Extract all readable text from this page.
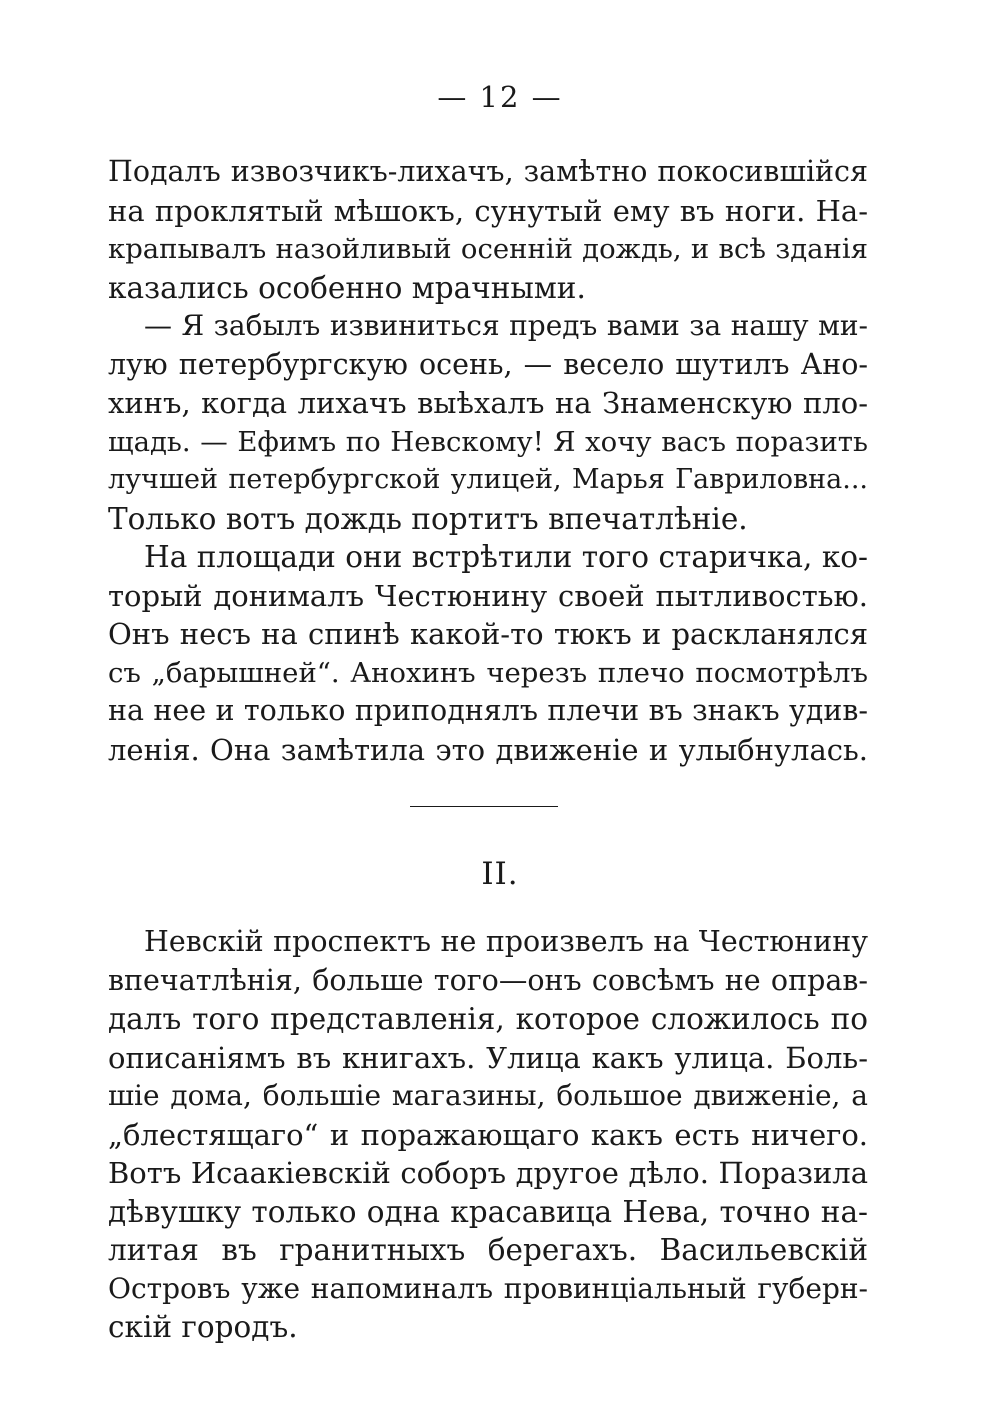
— 12 —
Подалъ извозчикъ-лихачъ, замѣтно покосившійся
на проклятый мѣшокъ, сунутый ему въ ноги. На-
крапывалъ назойливый осенній дождь, и всѣ зданія
казались особенно мрачными.
— Я забылъ извиниться предъ вами за нашу ми-
лую петербургскую осень, — весело шутилъ Ано-
хинъ, когда лихачъ выѣхалъ на Знаменскую пло-
щадь. — Ефимъ по Невскому! Я хочу васъ поразить
лучшей петербургской улицей, Марья Гавриловна...
Только вотъ дождь портитъ впечатлѣніе.
На площади они встрѣтили того старичка, ко-
торый донималъ Честюнину своей пытливостью.
Онъ несъ на спинѣ какой-то тюкъ и раскланялся
съ „барышней“. Анохинъ черезъ плечо посмотрѣлъ
на нее и только приподнялъ плечи въ знакъ удив-
ленія. Она замѣтила это движеніе и улыбнулась.
II.
Невскій проспектъ не произвелъ на Честюнину
впечатлѣнія, больше того—онъ совсѣмъ не оправ-
далъ того представленія, которое сложилось по
описаніямъ въ книгахъ. Улица какъ улица. Боль-
шіе дома, большіе магазины, большое движеніе, а
„блестящаго“ и поражающаго какъ есть ничего.
Вотъ Исаакіевскій соборъ другое дѣло. Поразила
дѣвушку только одна красавица Нева, точно на-
литая въ гранитныхъ берегахъ. Васильевскій
Островъ уже напоминалъ провинціальный губерн-
скій городъ.
